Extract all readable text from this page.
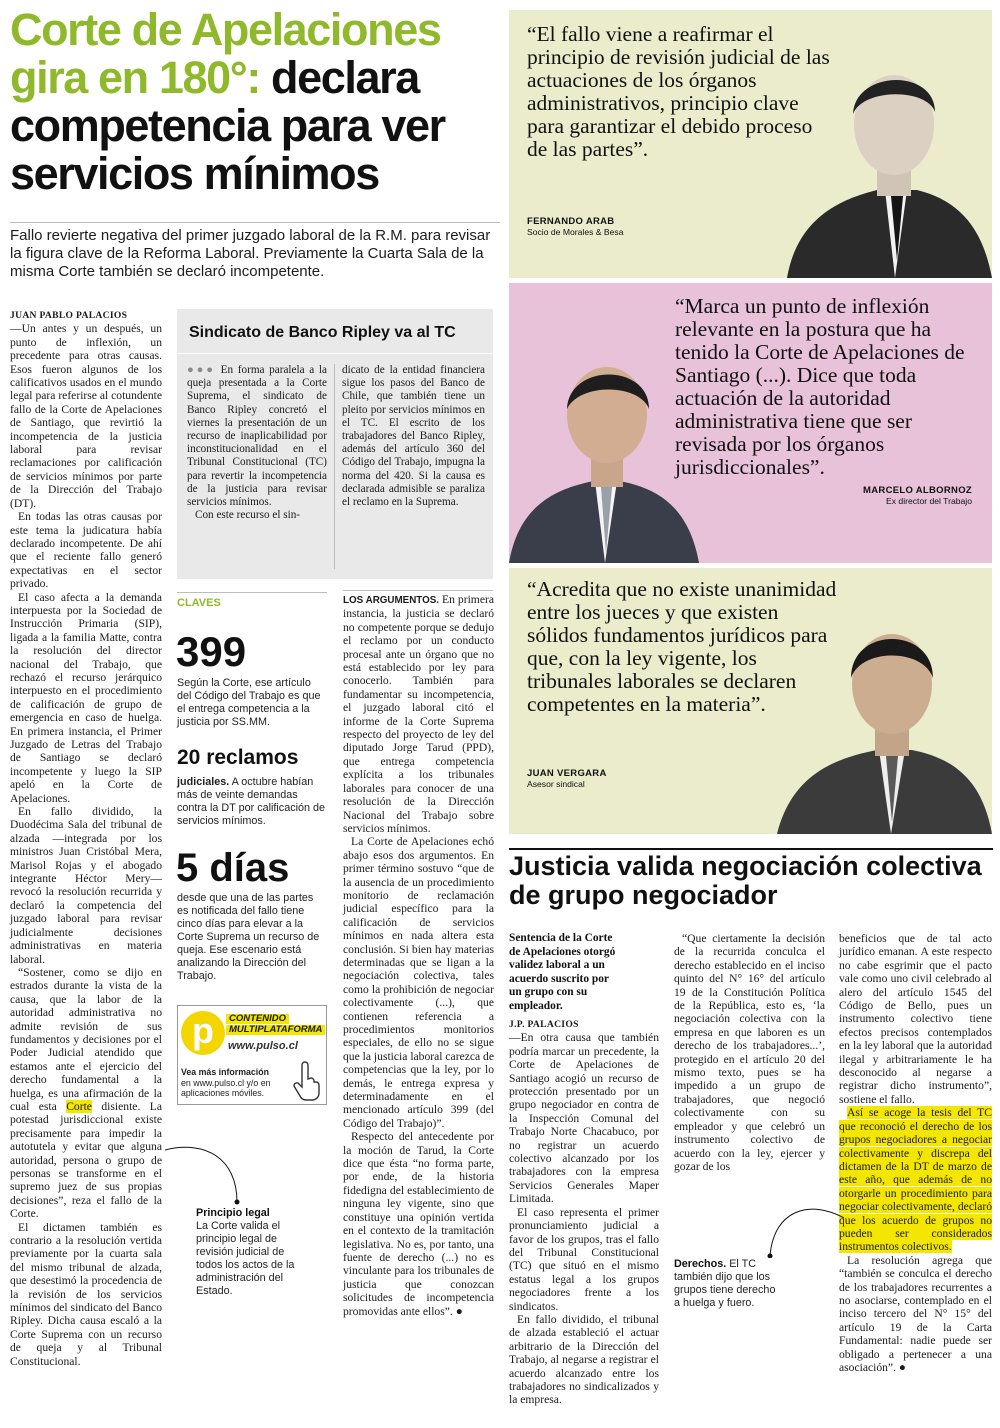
Corte de Apelaciones
gira en 180°: declara
competencia para ver
servicios mínimos
Fallo revierte negativa del primer juzgado laboral de la R.M. para revisar la figura clave de la Reforma Laboral. Previamente la Cuarta Sala de la misma Corte también se declaró incompetente.

JUAN PABLO PALACIOS

—Un antes y un después, un punto de inflexión, un precedente para otras causas. Esos fueron algunos de los calificativos usados en el mundo legal para referirse al cotundente fallo de la Corte de Apelaciones de Santiago, que revirtió la incompetencia de la justicia laboral para revisar reclamaciones por calificación de servicios mínimos por parte de la Dirección del Trabajo (DT).

En todas las otras causas por este tema la judicatura había declarado incompetente. De ahí que el reciente fallo generó expectativas en el sector privado.

El caso afecta a la demanda interpuesta por la Sociedad de Instrucción Primaria (SIP), ligada a la familia Matte, contra la resolución del director nacional del Trabajo, que rechazó el recurso jerárquico interpuesto en el procedimiento de calificación de grupo de emergencia en caso de huelga. En primera instancia, el Primer Juzgado de Letras del Trabajo de Santiago se declaró incompetente y luego la SIP apeló en la Corte de Apelaciones.

En fallo dividido, la Duodécima Sala del tribunal de alzada —integrada por los ministros Juan Cristóbal Mera, Marisol Rojas y el abogado integrante Héctor Mery— revocó la resolución recurrida y declaró la competencia del juzgado laboral para revisar judicialmente decisiones administrativas en materia laboral.

“Sostener, como se dijo en estrados durante la vista de la causa, que la labor de la autoridad administrativa no admite revisión de sus fundamentos y decisiones por el Poder Judicial atendido que estamos ante el ejercicio del derecho fundamental a la huelga, es una afirmación de la cual esta Corte disiente. La potestad jurisdiccional existe precisamente para impedir la autotutela y evitar que alguna autoridad, persona o grupo de personas se transforme en el supremo juez de sus propias decisiones”, reza el fallo de la Corte.

El dictamen también es contrario a la resolución vertida previamente por la cuarta sala del mismo tribunal de alzada, que desestimó la procedencia de la revisión de los servicios mínimos del sindicato del Banco Ripley. Dicha causa escaló a la Corte Suprema con un recurso de queja y al Tribunal Constitucional.

Sindicato de Banco Ripley va al TC

●●● En forma paralela a la queja presentada a la Corte Suprema, el sindicato de Banco Ripley concretó el viernes la presentación de un recurso de inaplicabilidad por inconstitucionalidad en el Tribunal Constitucional (TC) para revertir la incompetencia de la justicia para revisar servicios mínimos.

Con este recurso el sin-

dicato de la entidad financiera sigue los pasos del Banco de Chile, que también tiene un pleito por servicios mínimos en el TC. El escrito de los trabajadores del Banco Ripley, además del artículo 360 del Código del Trabajo, impugna la norma del 420. Si la causa es declarada admisible se paraliza el reclamo en la Suprema.

CLAVES
399
Según la Corte, ese artículo del Código del Trabajo es que el entrega competencia a la justicia por SS.MM.
20 reclamos
judiciales. A octubre habían más de veinte demandas contra la DT por calificación de servicios mínimos.
5 días
desde que una de las partes es notificada del fallo tiene cinco días para elevar a la Corte Suprema un recurso de queja. Ese escenario está analizando la Dirección del Trabajo.
p	CONTENIDO
MULTIPLATAFORMA
www.pulso.cl
Vea más información
en www.pulso.cl y/o en aplicaciones móviles.
Principio legal
La Corte valida el principio legal de revisión judicial de todos los actos de la administración del Estado.

LOS ARGUMENTOS. En primera instancia, la justicia se declaró no competente porque se dedujo el reclamo por un conducto procesal ante un órgano que no está establecido por ley para conocerlo. También para fundamentar su incompetencia, el juzgado laboral citó el informe de la Corte Suprema respecto del proyecto de ley del diputado Jorge Tarud (PPD), que entrega competencia explícita a los tribunales laborales para conocer de una resolución de la Dirección Nacional del Trabajo sobre servicios mínimos.

La Corte de Apelaciones echó abajo esos dos argumentos. En primer término sostuvo “que de la ausencia de un procedimiento monitorio de reclamación judicial específico para la calificación de servicios mínimos en nada altera esta conclusión. Si bien hay materias determinadas que se ligan a la negociación colectiva, tales como la prohibición de negociar colectivamente (...), que contienen referencia a procedimientos monitorios especiales, de ello no se sigue que la justicia laboral carezca de competencias que la ley, por lo demás, le entrega expresa y determinadamente en el mencionado artículo 399 (del Código del Trabajo)”.

Respecto del antecedente por la moción de Tarud, la Corte dice que ésta “no forma parte, por ende, de la historia fidedigna del establecimiento de ninguna ley vigente, sino que constituye una opinión vertida en el contexto de la tramitación legislativa. No es, por tanto, una fuente de derecho (...) no es vinculante para los tribunales de justicia que conozcan solicitudes de incompetencia promovidas ante ellos”. ●

“El fallo viene a reafirmar el principio de revisión judicial de las actuaciones de los órganos administrativos, principio clave para garantizar el debido proceso de las partes”.
FERNANDO ARAB
Socio de Morales & Besa
“Marca un punto de inflexión relevante en la postura que ha tenido la Corte de Apelaciones de Santiago (...). Dice que toda actuación de la autoridad administrativa tiene que ser revisada por los órganos jurisdiccionales”.
MARCELO ALBORNOZ
Ex director del Trabajo
“Acredita que no existe unanimidad entre los jueces y que existen sólidos fundamentos jurídicos para que, con la ley vigente, los tribunales laborales se declaren competentes en la materia”.
JUAN VERGARA
Asesor sindical
Justicia valida negociación colectiva de grupo negociador
Sentencia de la Corte de Apelaciones otorgó validez laboral a un acuerdo suscrito por un grupo con su empleador.

J.P. PALACIOS

—En otra causa que también podría marcar un precedente, la Corte de Apelaciones de Santiago acogió un recurso de protección presentado por un grupo negociador en contra de la Inspección Comunal del Trabajo Norte Chacabuco, por no registrar un acuerdo colectivo alcanzado por los trabajadores con la empresa Servicios Generales Maper Limitada.

El caso representa el primer pronunciamiento judicial a favor de los grupos, tras el fallo del Tribunal Constitucional (TC) que situó en el mismo estatus legal a los grupos negociadores frente a los sindicatos.

En fallo dividido, el tribunal de alzada estableció el actuar arbitrario de la Dirección del Trabajo, al negarse a registrar el acuerdo alcanzado entre los trabajadores no sindicalizados y la empresa.

“Que ciertamente la decisión de la recurrida conculca el derecho establecido en el inciso quinto del N° 16° del artículo 19 de la Constitución Política de la República, esto es, ‘la negociación colectiva con la empresa en que laboren es un derecho de los trabajadores...’, protegido en el artículo 20 del mismo texto, pues se ha impedido a un grupo de trabajadores, que negoció colectivamente con su empleador y que celebró un instrumento colectivo de acuerdo con la ley, ejercer y gozar de los

beneficios que de tal acto jurídico emanan. A este respecto no cabe esgrimir que el pacto vale como uno civil celebrado al alero del artículo 1545 del Código de Bello, pues un instrumento colectivo tiene efectos precisos contemplados en la ley laboral que la autoridad ilegal y arbitrariamente le ha desconocido al negarse a registrar dicho instrumento”, sostiene el fallo.

Así se acoge la tesis del TC que reconoció el derecho de los grupos negociadores a negociar colectivamente y discrepa del dictamen de la DT de marzo de este año, que además de no otorgarle un procedimiento para negociar colectivamente, declaró que los acuerdo de grupos no pueden ser considerados instrumentos colectivos.

La resolución agrega que “también se conculca el derecho de los trabajadores recurrentes a no asociarse, contemplado en el inciso tercero del N° 15° del artículo 19 de la Carta Fundamental: nadie puede ser obligado a pertenecer a una asociación”. ●

Derechos. El TC también dijo que los grupos tiene derecho a huelga y fuero.
